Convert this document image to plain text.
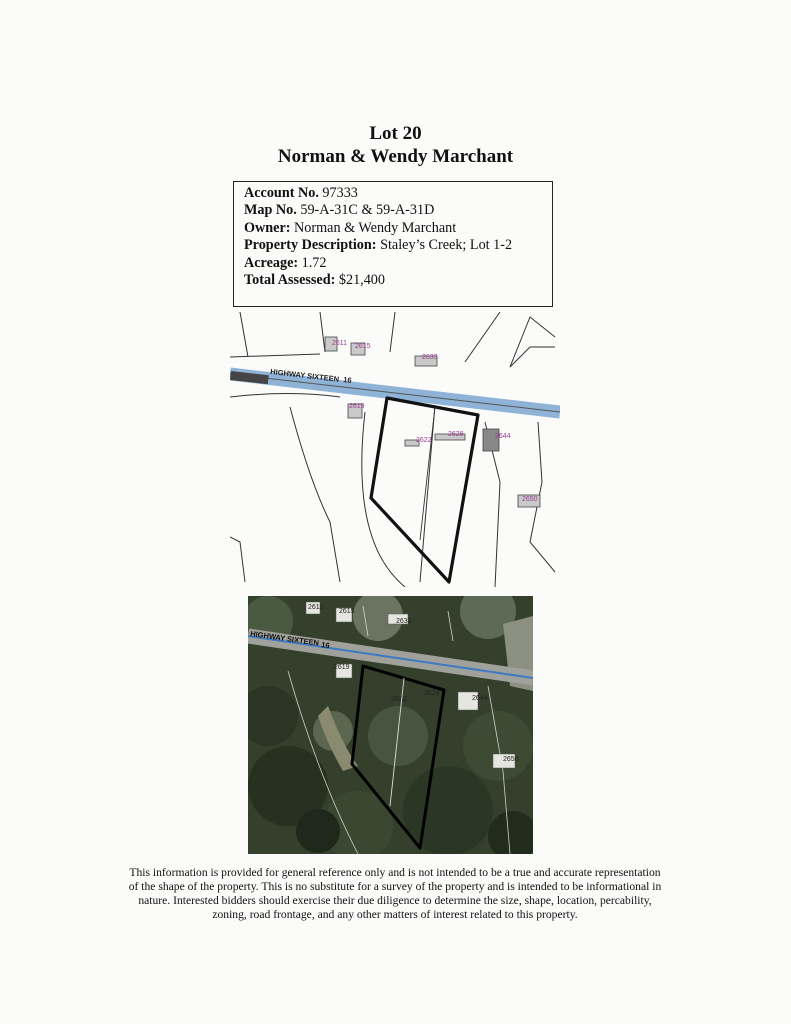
Lot 20

Norman & Wendy Marchant

Account No. 97333
Map No. 59-A-31C & 59-A-31D
Owner: Norman & Wendy Marchant
Property Description: Staley’s Creek; Lot 1-2
Acreage: 1.72
Total Assessed: $21,400
HIGHWAY SIXTEEN 16
2611 2615
2633
2619
2622
2628	2644
2650
HIGHWAY SIXTEEN 16
2611
2615
2633
2619
2622
2628
2644
2650

This information is provided for general reference only and is not intended to be a true and accurate representation

of the shape of the property. This is no substitute for a survey of the property and is intended to be informational in

nature. Interested bidders should exercise their due diligence to determine the size, shape, location, percability,

zoning, road frontage, and any other matters of interest related to this property.
